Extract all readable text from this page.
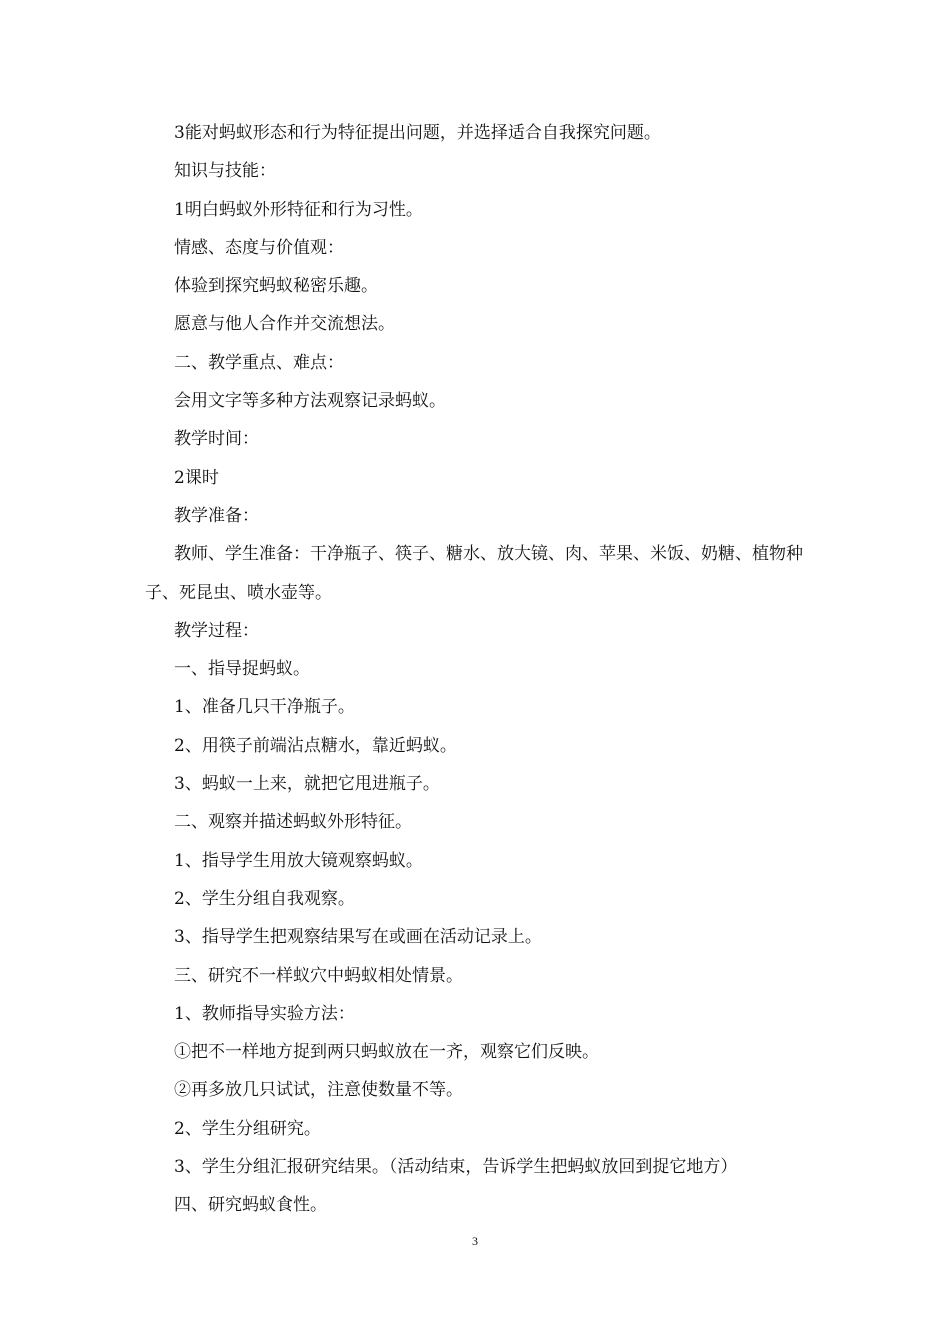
3能对蚂蚁形态和行为特征提出问题，并选择适合自我探究问题。

知识与技能：

1明白蚂蚁外形特征和行为习性。

情感、态度与价值观：

体验到探究蚂蚁秘密乐趣。

愿意与他人合作并交流想法。

二、教学重点、难点：

会用文字等多种方法观察记录蚂蚁。

教学时间：

2课时

教学准备：

教师、学生准备：干净瓶子、筷子、糖水、放大镜、肉、苹果、米饭、奶糖、植物种子、死昆虫、喷水壶等。

教学过程：

一、指导捉蚂蚁。

1、准备几只干净瓶子。

2、用筷子前端沾点糖水，靠近蚂蚁。

3、蚂蚁一上来，就把它甩进瓶子。

二、观察并描述蚂蚁外形特征。

1、指导学生用放大镜观察蚂蚁。

2、学生分组自我观察。

3、指导学生把观察结果写在或画在活动记录上。

三、研究不一样蚁穴中蚂蚁相处情景。

1、教师指导实验方法：

①把不一样地方捉到两只蚂蚁放在一齐，观察它们反映。

②再多放几只试试，注意使数量不等。

2、学生分组研究。

3、学生分组汇报研究结果。（活动结束，告诉学生把蚂蚁放回到捉它地方）

四、研究蚂蚁食性。

3
